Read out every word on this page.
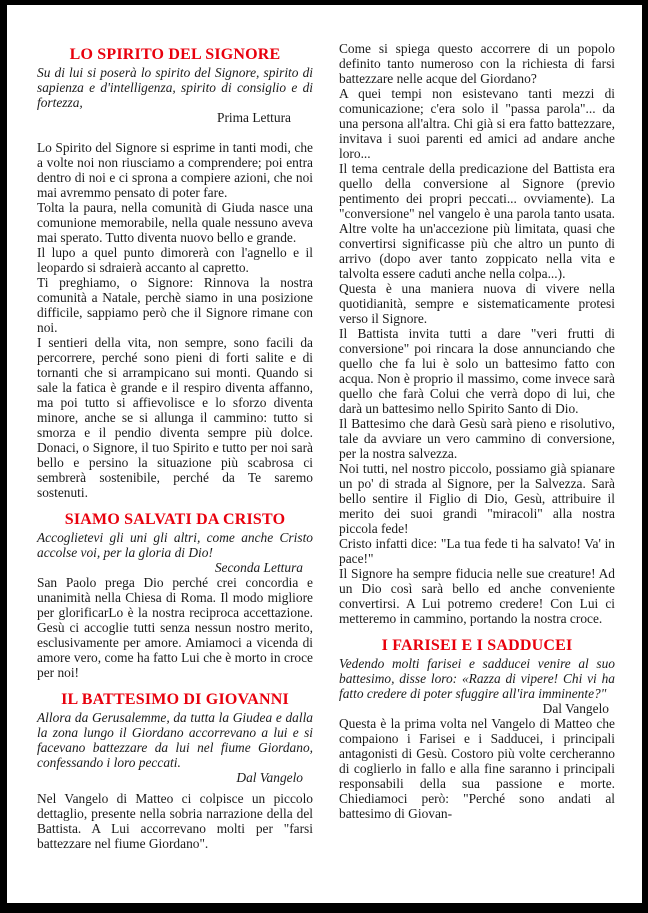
LO SPIRITO DEL SIGNORE

Su di lui si poserà lo spirito del Signore, spirito di sapienza e d'intelligenza, spirito di consiglio e di fortezza,

Prima Lettura

Lo Spirito del Signore si esprime in tanti modi, che a volte noi non riusciamo a comprendere; poi entra dentro di noi e ci sprona a compiere azioni, che noi mai avremmo pensato di poter fare.

Tolta la paura, nella comunità di Giuda nasce una comunione memorabile, nella quale nessuno aveva mai sperato. Tutto diventa nuovo bello e grande.

Il lupo a quel punto dimorerà con l'agnello e il leopardo si sdraierà accanto al capretto.

Ti preghiamo, o Signore: Rinnova la nostra comunità a Natale, perchè siamo in una posizione difficile, sappiamo però che il Signore rimane con noi.

I sentieri della vita, non sempre, sono facili da percorrere, perché sono pieni di forti salite e di tornanti che si arrampicano sui monti. Quando si sale la fatica è grande e il respiro diventa affanno, ma poi tutto si affievolisce e lo sforzo diventa minore, anche se si allunga il cammino: tutto si smorza e il pendio diventa sempre più dolce. Donaci, o Signore, il tuo Spirito e tutto per noi sarà bello e persino la situazione più scabrosa ci sembrerà sostenibile, perché da Te saremo sostenuti.

SIAMO SALVATI DA CRISTO

Accoglietevi gli uni gli altri, come anche Cristo accolse voi, per la gloria di Dio!

Seconda Lettura

San Paolo prega Dio perché crei concordia e unanimità nella Chiesa di Roma. Il modo migliore per glorificarLo è la nostra reciproca accettazione. Gesù ci accoglie tutti senza nessun nostro merito, esclusivamente per amore. Amiamoci a vicenda di amore vero, come ha fatto Lui che è morto in croce per noi!

IL BATTESIMO DI GIOVANNI

Allora da Gerusalemme, da tutta la Giudea e dalla la zona lungo il Giordano accorrevano a lui e si facevano battezzare da lui nel fiume Giordano, confessando i loro peccati.

Dal Vangelo

Nel Vangelo di Matteo ci colpisce un piccolo dettaglio, presente nella sobria narrazione della del Battista. A Lui accorrevano molti per "farsi battezzare nel fiume Giordano".

Come si spiega questo accorrere di un popolo definito tanto numeroso con la richiesta di farsi battezzare nelle acque del Giordano?

A quei tempi non esistevano tanti mezzi di comunicazione; c'era solo il "passa parola"... da una persona all'altra. Chi già si era fatto battezzare, invitava i suoi parenti ed amici ad andare anche loro...

Il tema centrale della predicazione del Battista era quello della conversione al Signore (previo pentimento dei propri peccati... ovviamente). La "conversione" nel vangelo è una parola tanto usata. Altre volte ha un'accezione più limitata, quasi che convertirsi significasse più che altro un punto di arrivo (dopo aver tanto zoppicato nella vita e talvolta essere caduti anche nella colpa...).

Questa è una maniera nuova di vivere nella quotidianità, sempre e sistematicamente protesi verso il Signore.

Il Battista invita tutti a dare "veri frutti di conversione" poi rincara la dose annunciando che quello che fa lui è solo un battesimo fatto con acqua. Non è proprio il massimo, come invece sarà quello che farà Colui che verrà dopo di lui, che darà un battesimo nello Spirito Santo di Dio.

Il Battesimo che darà Gesù sarà pieno e risolutivo, tale da avviare un vero cammino di conversione, per la nostra salvezza.

Noi tutti, nel nostro piccolo, possiamo già spianare un po' di strada al Signore, per la Salvezza. Sarà bello sentire il Figlio di Dio, Gesù, attribuire il merito dei suoi grandi "miracoli" alla nostra piccola fede!

Cristo infatti dice: "La tua fede ti ha salvato! Va' in pace!"

Il Signore ha sempre fiducia nelle sue creature! Ad un Dio così sarà bello ed anche conveniente convertirsi. A Lui potremo credere! Con Lui ci metteremo in cammino, portando la nostra croce.

I FARISEI E I SADDUCEI

Vedendo molti farisei e sadducei venire al suo battesimo, disse loro: «Razza di vipere! Chi vi ha fatto credere di poter sfuggire all'ira imminente?"
Dal Vangelo

Questa è la prima volta nel Vangelo di Matteo che compaiono i Farisei e i Sadducei, i principali antagonisti di Gesù. Costoro più volte cercheranno di coglierlo in fallo e alla fine saranno i principali responsabili della sua passione e morte. Chiediamoci però: "Perché sono andati al battesimo di Giovan-
